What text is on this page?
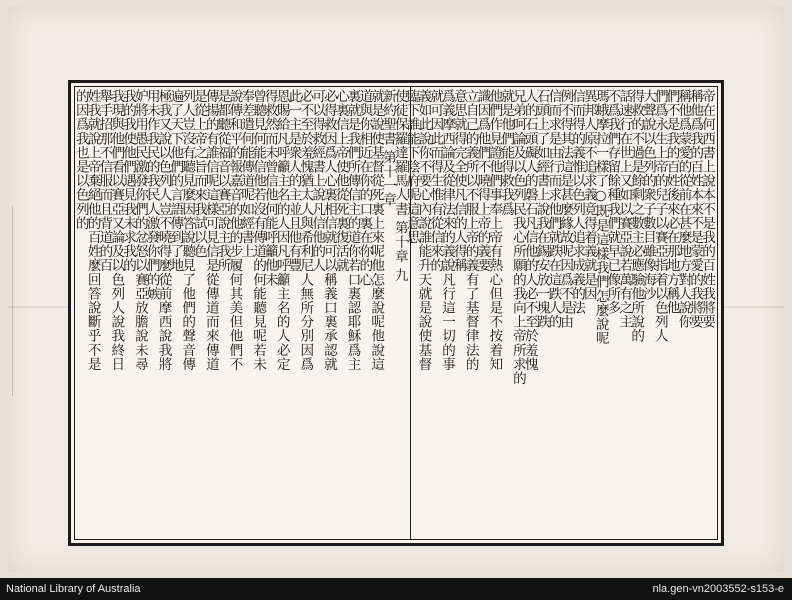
帝在何西書上說本不是我的百姓我將要
稱他爲我的百姓本來不是蒙愛的我將要
稱他爲蒙愛的從前在甚麼地方對人說你
們不是我的百姓後來必在那地方稱他
們爲永生上帝的兒子以賽亞指着以色列人
大聲說以色列的衆子數目雖像海沙
得救的不過是餘剩之數主必應驗他所說的
話速行在世上又如以賽亞說若萬有之主
不爲我們存留餘種我們就早已像所多
瑪蛾摩拉一樣了○既是這樣我們怎麼說呢
異邦人原不追求義竟得着義就是因
信而得的義惟以色列人追求成義的法
例不得其法這是甚麼緣故呢因爲不是由
信而求是由行而求他們就跌在這跌人的
石頭上了如經書上說我在錫安放一塊跌
人的石頭礙人的磐石凡信他的人必不至於羞愧
兄弟呵論及以色列民我心所願的我向上帝所求的
就是他們能得救我爲
他們作見證他們事奉上帝有熱心但是不按着知
識因爲他們不曉得上帝的義要
立自己的義所以不服上帝的義有了基督律法的
意思就得完全使凡信的人得稱
爲義摩西論及從律法來的義說凡行這一切的事
就可因此而得生惟有從信來的
義如此說你不要心內說誰能升天就是說使基督
臨下誰能下陰府呢這意思
使徒保羅達羅馬人書 第十章 九
新約聖書 第十一章
就是說使基督從死裏上來呢他怎麼說呢他說這
道與你相近在你的口裏在你的心
裏就是我們所傳信主的道你若口裏認耶穌爲主
心裏信上帝使他從死裏復活就
必得救因爲人心裏相信就可以稱義口裏承認就
可以得救經書上說凡信他的人
必不至於羞愧猶太人與希利尼人無所分別因爲
此一主是衆人的主並且他有豐
恩賜給凡呼籲主名的人因凡呼籲主名的人必定
得救然而未曾信他何能呼籲他未
曾聽見何能信他若沒有傳道的何能聽見呢若未
奉差遣何能傳道呢如經書上
說傳和平的報嘉音的他的步履何其美但他們不
是都聽從福音以賽亞說主我所
傳揚的有誰信呢這樣可見信是從傳道而來傳道
是從上帝之旨而來我試以色
列人豈沒有聽見麼因答說聽見了他們的聲音傳
遍了天下他們的言語傳到了地
極我又說以色列人豈不曉得麼從前摩西說我將
用未作我民的我民人激發你們的嫉
妒將用愚民激發你們的忿怒以賽亞放膽說未尋
我的我使他們遇見我未求我的
我現與他們看以賽亞又論及以色列人說我終日
舉手招那不信服而且背道的百
姓我就說上帝棄絕他的百姓麼回答說斷乎不是
的因爲我也是以色列的
National Library of Australia	nla.gen-vn2003552-s153-e
